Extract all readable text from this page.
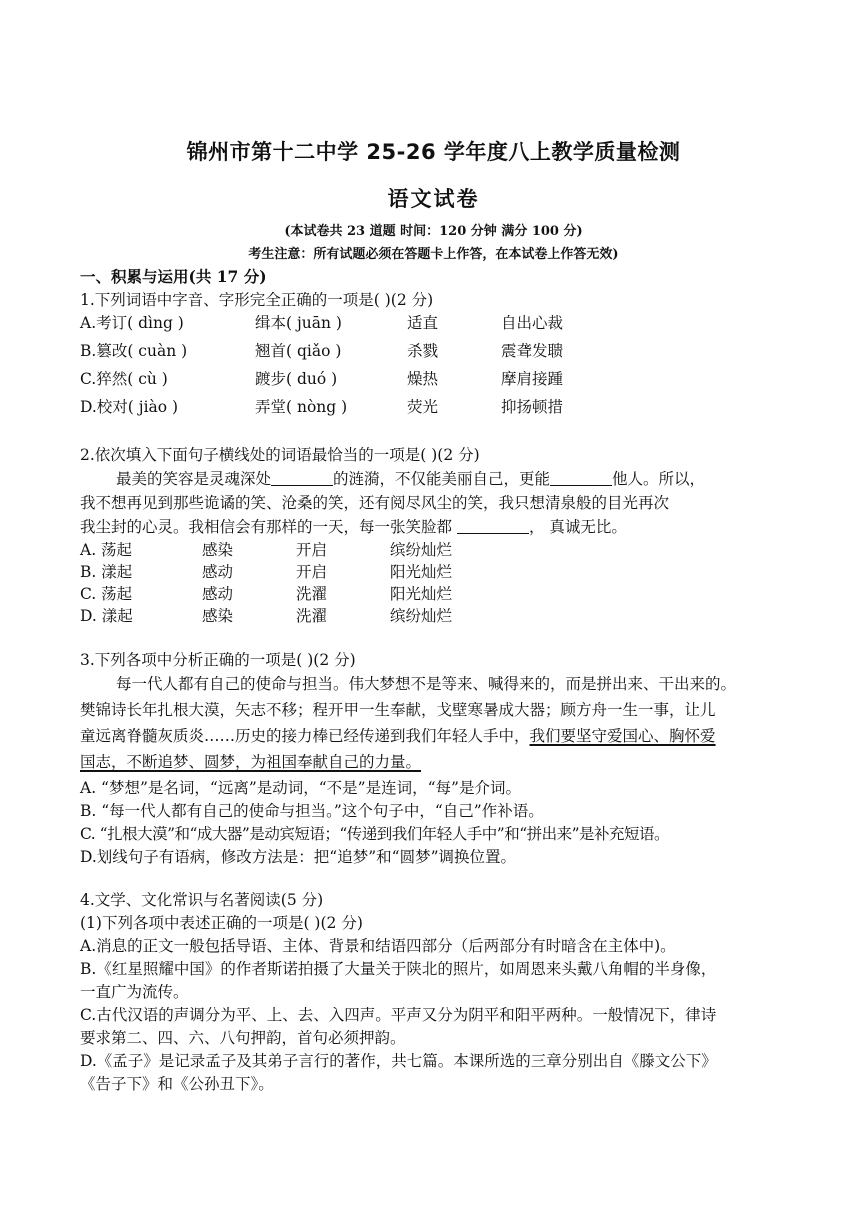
锦州市第十二中学 25-26 学年度八上教学质量检测
语文试卷
(本试卷共 23 道题 时间：120 分钟 满分 100 分)
考生注意：所有试题必须在答题卡上作答，在本试卷上作答无效)
一、积累与运用(共 17 分)
1.下列词语中字音、字形完全正确的一项是( )(2 分)
A.考订( dìng )	缉本( juān )	适直	自出心裁
B.篡改( cuàn )	翘首( qiǎo )	杀戮	震聋发聩
C.猝然( cù )	踱步( duó )	燥热	摩肩接踵
D.校对( jiào )	弄堂( nòng )	荧光	抑扬顿措
2.依次填入下面句子横线处的词语最恰当的一项是( )(2 分)
最美的笑容是灵魂深处	的涟漪，不仅能美丽自己，更能	他人。所以，
我不想再见到那些诡谲的笑、沧桑的笑，还有阅尽风尘的笑，我只想清泉般的目光再次
我尘封的心灵。我相信会有那样的一天，每一张笑脸都	， 真诚无比。
A. 荡起	感染	开启	缤纷灿烂
B. 漾起	感动	开启	阳光灿烂
C. 荡起	感动	洗濯	阳光灿烂
D. 漾起	感染	洗濯	缤纷灿烂
3.下列各项中分析正确的一项是( )(2 分)
每一代人都有自己的使命与担当。伟大梦想不是等来、喊得来的，而是拼出来、干出来的。
樊锦诗长年扎根大漠，矢志不移；程开甲一生奉献，戈壁寒暑成大器；顾方舟一生一事，让儿
童远离脊髓灰质炎……历史的接力棒已经传递到我们年轻人手中，我们要坚守爱国心、胸怀爱
国志，不断追梦、圆梦，为祖国奉献自己的力量。
A. “梦想”是名词，“远离”是动词，“不是”是连词，“每”是介词。
B. “每一代人都有自己的使命与担当。”这个句子中，“自己”作补语。
C. “扎根大漠”和“成大器”是动宾短语；“传递到我们年轻人手中”和“拼出来”是补充短语。
D.划线句子有语病，修改方法是：把“追梦”和“圆梦”调换位置。
4.文学、文化常识与名著阅读(5 分)
(1)下列各项中表述正确的一项是( )(2 分)
A.消息的正文一般包括导语、主体、背景和结语四部分（后两部分有时暗含在主体中)。
B.《红星照耀中国》的作者斯诺拍摄了大量关于陕北的照片，如周恩来头戴八角帽的半身像，
一直广为流传。
C.古代汉语的声调分为平、上、去、入四声。平声又分为阴平和阳平两种。一般情况下，律诗
要求第二、四、六、八句押韵，首句必须押韵。
D.《孟子》是记录孟子及其弟子言行的著作，共七篇。本课所选的三章分别出自《滕文公下》
《告子下》和《公孙丑下》。
